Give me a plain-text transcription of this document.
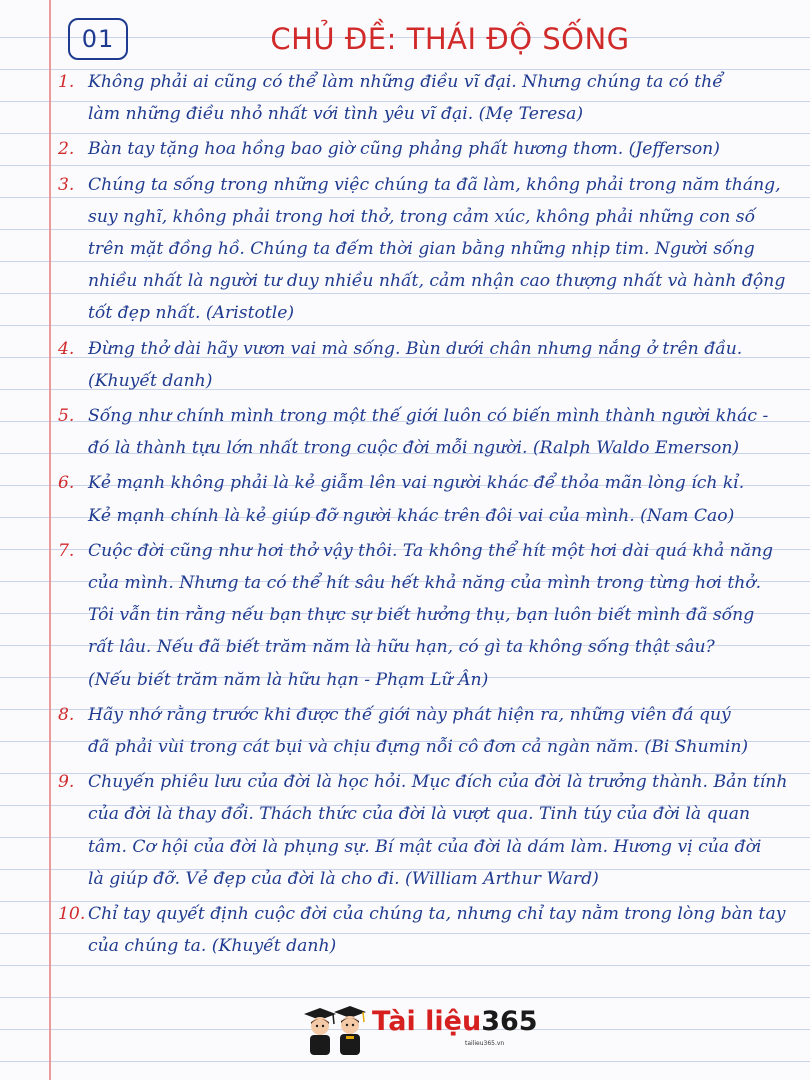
01	CHỦ ĐỀ: THÁI ĐỘ SỐNG
1. Không phải ai cũng có thể làm những điều vĩ đại. Nhưng chúng ta có thể
làm những điều nhỏ nhất với tình yêu vĩ đại. (Mẹ Teresa)
2. Bàn tay tặng hoa hồng bao giờ cũng phảng phất hương thơm. (Jefferson)
3. Chúng ta sống trong những việc chúng ta đã làm, không phải trong năm tháng,
suy nghĩ, không phải trong hơi thở, trong cảm xúc, không phải những con số
trên mặt đồng hồ. Chúng ta đếm thời gian bằng những nhịp tim. Người sống
nhiều nhất là người tư duy nhiều nhất, cảm nhận cao thượng nhất và hành động
tốt đẹp nhất. (Aristotle)
4. Đừng thở dài hãy vươn vai mà sống. Bùn dưới chân nhưng nắng ở trên đầu.
(Khuyết danh)
5. Sống như chính mình trong một thế giới luôn có biến mình thành người khác -
đó là thành tựu lớn nhất trong cuộc đời mỗi người. (Ralph Waldo Emerson)
6. Kẻ mạnh không phải là kẻ giẫm lên vai người khác để thỏa mãn lòng ích kỉ.
Kẻ mạnh chính là kẻ giúp đỡ người khác trên đôi vai của mình. (Nam Cao)
7. Cuộc đời cũng như hơi thở vậy thôi. Ta không thể hít một hơi dài quá khả năng
của mình. Nhưng ta có thể hít sâu hết khả năng của mình trong từng hơi thở.
Tôi vẫn tin rằng nếu bạn thực sự biết hưởng thụ, bạn luôn biết mình đã sống
rất lâu. Nếu đã biết trăm năm là hữu hạn, có gì ta không sống thật sâu?
(Nếu biết trăm năm là hữu hạn - Phạm Lữ Ân)
8. Hãy nhớ rằng trước khi được thế giới này phát hiện ra, những viên đá quý
đã phải vùi trong cát bụi và chịu đựng nỗi cô đơn cả ngàn năm. (Bi Shumin)
9. Chuyến phiêu lưu của đời là học hỏi. Mục đích của đời là trưởng thành. Bản tính
của đời là thay đổi. Thách thức của đời là vượt qua. Tinh túy của đời là quan
tâm. Cơ hội của đời là phụng sự. Bí mật của đời là dám làm. Hương vị của đời
là giúp đỡ. Vẻ đẹp của đời là cho đi. (William Arthur Ward)
10. Chỉ tay quyết định cuộc đời của chúng ta, nhưng chỉ tay nằm trong lòng bàn tay
của chúng ta. (Khuyết danh)
Tài liệu365
tailieu365.vn
